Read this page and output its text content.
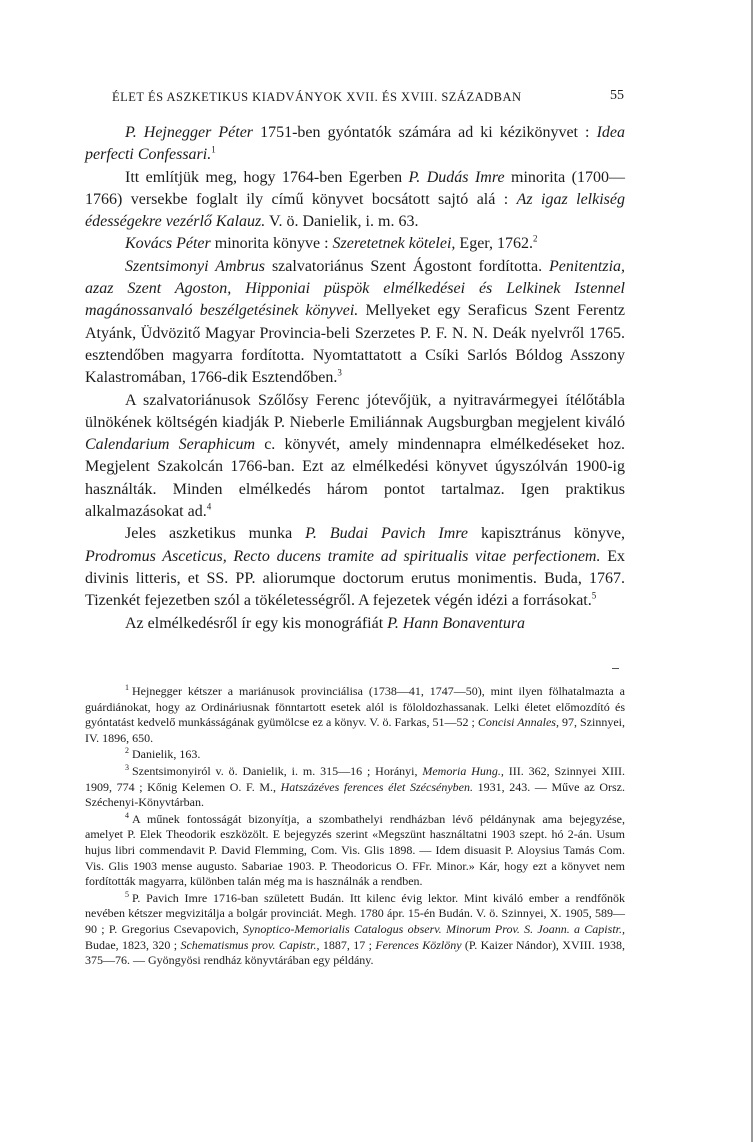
ÉLET ÉS ASZKETIKUS KIADVÁNYOK XVII. ÉS XVIII. SZÁZADBAN	55

P. Hejnegger Péter 1751-ben gyóntatók számára ad ki kézikönyvet : Idea perfecti Confessari.$^1$

Itt említjük meg, hogy 1764-ben Egerben P. Dudás Imre minorita (1700—1766) versekbe foglalt ily című könyvet bocsátott sajtó alá : Az igaz lelkiség édességekre vezérlő Kalauz. V. ö. Danielik, i. m. 63.

Kovács Péter minorita könyve : Szeretetnek kötelei, Eger, 1762.$^2$

Szentsimonyi Ambrus szalvatoriánus Szent Ágostont fordította. Penitentzia, azaz Szent Agoston, Hipponiai püspök elmélkedései és Lelkinek Istennel magánossanvaló beszélgetésinek könyvei. Mellyeket egy Seraficus Szent Ferentz Atyánk, Üdvözitő Magyar Provincia-beli Szerzetes P. F. N. N. Deák nyelvről 1765. esztendőben magyarra fordította. Nyomtattatott a Csíki Sarlós Bóldog Asszony Kalastromában, 1766-dik Esztendőben.$^3$

A szalvatoriánusok Szőlősy Ferenc jótevőjük, a nyitravármegyei ítélőtábla ülnökének költségén kiadják P. Nieberle Emiliánnak Augsburgban megjelent kiváló Calendarium Seraphicum c. könyvét, amely mindennapra elmélkedéseket hoz. Megjelent Szakolcán 1766-ban. Ezt az elmélkedési könyvet úgyszólván 1900-ig használták. Minden elmélkedés három pontot tartalmaz. Igen praktikus alkalmazásokat ad.$^4$

Jeles aszketikus munka P. Budai Pavich Imre kapisztránus könyve, Prodromus Asceticus, Recto ducens tramite ad spiritualis vitae perfectionem. Ex divinis litteris, et SS. PP. aliorumque doctorum erutus monimentis. Buda, 1767. Tizenkét fejezetben szól a tökéletességről. A fejezetek végén idézi a forrásokat.$^5$

Az elmélkedésről ír egy kis monográfiát P. Hann Bonaventura

$^1$ Hejnegger kétszer a mariánusok provinciálisa (1738—41, 1747—50), mint ilyen fölhatalmazta a guárdiánokat, hogy az Ordináriusnak fönntartott esetek alól is föloldozhassanak. Lelki életet előmozdító és gyóntatást kedvelő munkásságának gyümölcse ez a könyv. V. ö. Farkas, 51—52 ; Concisi Annales, 97, Szinnyei, IV. 1896, 650.

$^2$ Danielik, 163.

$^3$ Szentsimonyiról v. ö. Danielik, i. m. 315—16 ; Horányi, Memoria Hung., III. 362, Szinnyei XIII. 1909, 774 ; Kőnig Kelemen O. F. M., Hatszázéves ferences élet Szécsényben. 1931, 243. — Műve az Orsz. Széchenyi-Könyvtárban.

$^4$ A műnek fontosságát bizonyítja, a szombathelyi rendházban lévő példánynak ama bejegyzése, amelyet P. Elek Theodorik eszközölt. E bejegyzés szerint «Megszünt használtatni 1903 szept. hó 2-án. Usum hujus libri commendavit P. David Flemming, Com. Vis. Glis 1898. — Idem disuasit P. Aloysius Tamás Com. Vis. Glis 1903 mense augusto. Sabariae 1903. P. Theodoricus O. FFr. Minor.» Kár, hogy ezt a könyvet nem fordították magyarra, különben talán még ma is használnák a rendben.

$^5$ P. Pavich Imre 1716-ban született Budán. Itt kilenc évig lektor. Mint kiváló ember a rendfőnök nevében kétszer megvizitálja a bolgár provinciát. Megh. 1780 ápr. 15-én Budán. V. ö. Szinnyei, X. 1905, 589—90 ; P. Gregorius Csevapovich, Synoptico-Memorialis Catalogus observ. Minorum Prov. S. Joann. a Capistr., Budae, 1823, 320 ; Schematismus prov. Capistr., 1887, 17 ; Ferences Közlöny (P. Kaizer Nándor), XVIII. 1938, 375—76. — Gyöngyösi rendház könyvtárában egy példány.
